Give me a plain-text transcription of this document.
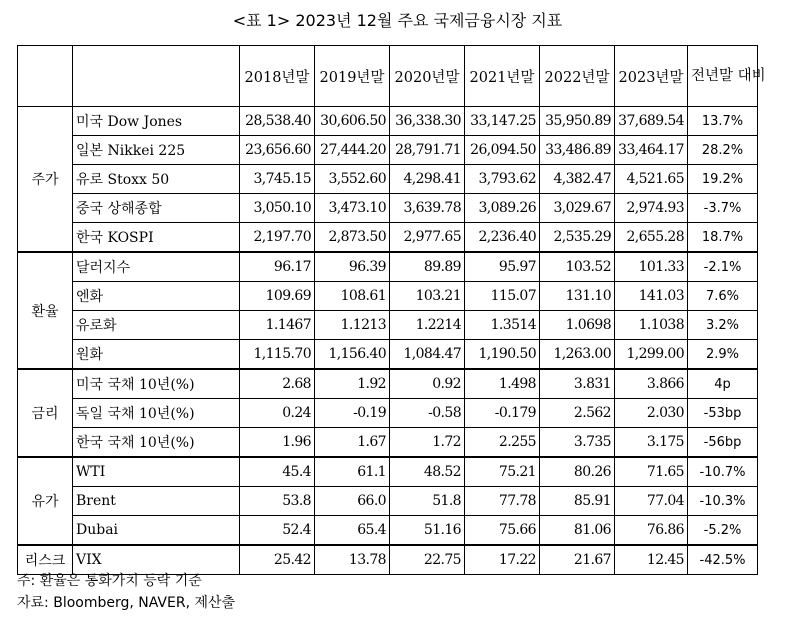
<표 1> 2023년 12월 주요 국제금융시장 지표
		2018년말	2019년말	2020년말	2021년말	2022년말	2023년말	전년말 대비
주가	미국 Dow Jones	28,538.40	30,606.50	36,338.30	33,147.25	35,950.89	37,689.54	13.7%
	일본 Nikkei 225	23,656.60	27,444.20	28,791.71	26,094.50	33,486.89	33,464.17	28.2%
	유로 Stoxx 50	3,745.15	3,552.60	4,298.41	3,793.62	4,382.47	4,521.65	19.2%
	중국 상해종합	3,050.10	3,473.10	3,639.78	3,089.26	3,029.67	2,974.93	-3.7%
	한국 KOSPI	2,197.70	2,873.50	2,977.65	2,236.40	2,535.29	2,655.28	18.7%
환율	달러지수	96.17	96.39	89.89	95.97	103.52	101.33	-2.1%
	엔화	109.69	108.61	103.21	115.07	131.10	141.03	7.6%
	유로화	1.1467	1.1213	1.2214	1.3514	1.0698	1.1038	3.2%
	원화	1,115.70	1,156.40	1,084.47	1,190.50	1,263.00	1,299.00	2.9%
금리	미국 국채 10년(%)	2.68	1.92	0.92	1.498	3.831	3.866	4p
	독일 국채 10년(%)	0.24	-0.19	-0.58	-0.179	2.562	2.030	-53bp
	한국 국채 10년(%)	1.96	1.67	1.72	2.255	3.735	3.175	-56bp
유가	WTI	45.4	61.1	48.52	75.21	80.26	71.65	-10.7%
	Brent	53.8	66.0	51.8	77.78	85.91	77.04	-10.3%
	Dubai	52.4	65.4	51.16	75.66	81.06	76.86	-5.2%
리스크	VIX	25.42	13.78	22.75	17.22	21.67	12.45	-42.5%
주: 환율은 통화가치 등락 기준
자료: Bloomberg, NAVER, 제산출
